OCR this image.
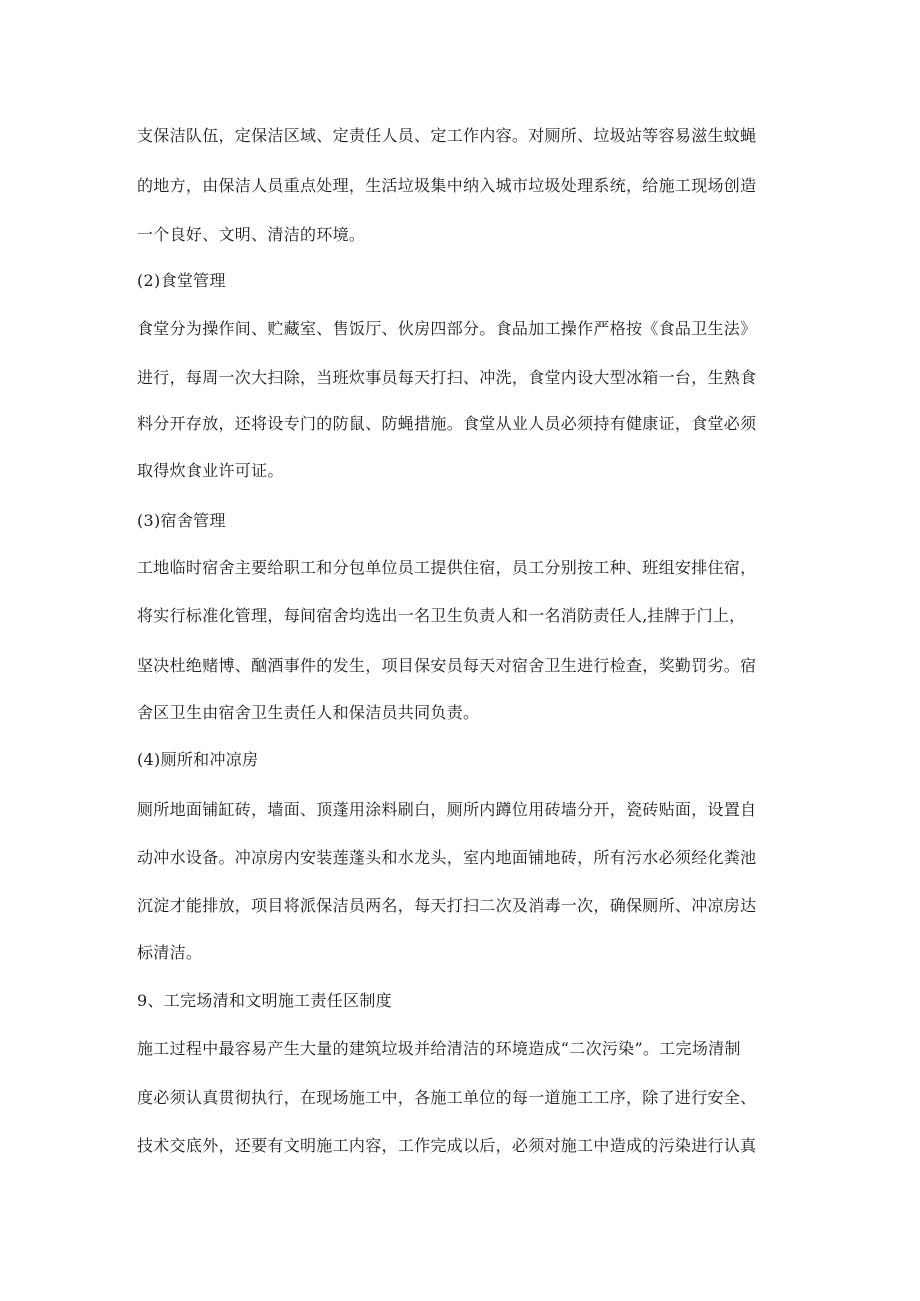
支保洁队伍，定保洁区域、定责任人员、定工作内容。对厕所、垃圾站等容易滋生蚊蝇

的地方，由保洁人员重点处理，生活垃圾集中纳入城市垃圾处理系统，给施工现场创造

一个良好、文明、清洁的环境。

(2)食堂管理

食堂分为操作间、贮藏室、售饭厅、伙房四部分。食品加工操作严格按《食品卫生法》

进行，每周一次大扫除，当班炊事员每天打扫、冲洗，食堂内设大型冰箱一台，生熟食

料分开存放，还将设专门的防鼠、防蝇措施。食堂从业人员必须持有健康证，食堂必须

取得炊食业许可证。

(3)宿舍管理

工地临时宿舍主要给职工和分包单位员工提供住宿，员工分别按工种、班组安排住宿，

将实行标准化管理，每间宿舍均选出一名卫生负责人和一名消防责任人,挂牌于门上，

坚决杜绝赌博、酗酒事件的发生，项目保安员每天对宿舍卫生进行检查，奖勤罚劣。宿

舍区卫生由宿舍卫生责任人和保洁员共同负责。

(4)厕所和冲凉房

厕所地面铺缸砖，墙面、顶蓬用涂料刷白，厕所内蹲位用砖墙分开，瓷砖贴面，设置自

动冲水设备。冲凉房内安装莲蓬头和水龙头，室内地面铺地砖，所有污水必须经化粪池

沉淀才能排放，项目将派保洁员两名，每天打扫二次及消毒一次，确保厕所、冲凉房达

标清洁。

9、工完场清和文明施工责任区制度

施工过程中最容易产生大量的建筑垃圾并给清洁的环境造成“二次污染”。工完场清制

度必须认真贯彻执行，在现场施工中，各施工单位的每一道施工工序，除了进行安全、

技术交底外，还要有文明施工内容，工作完成以后，必须对施工中造成的污染进行认真
